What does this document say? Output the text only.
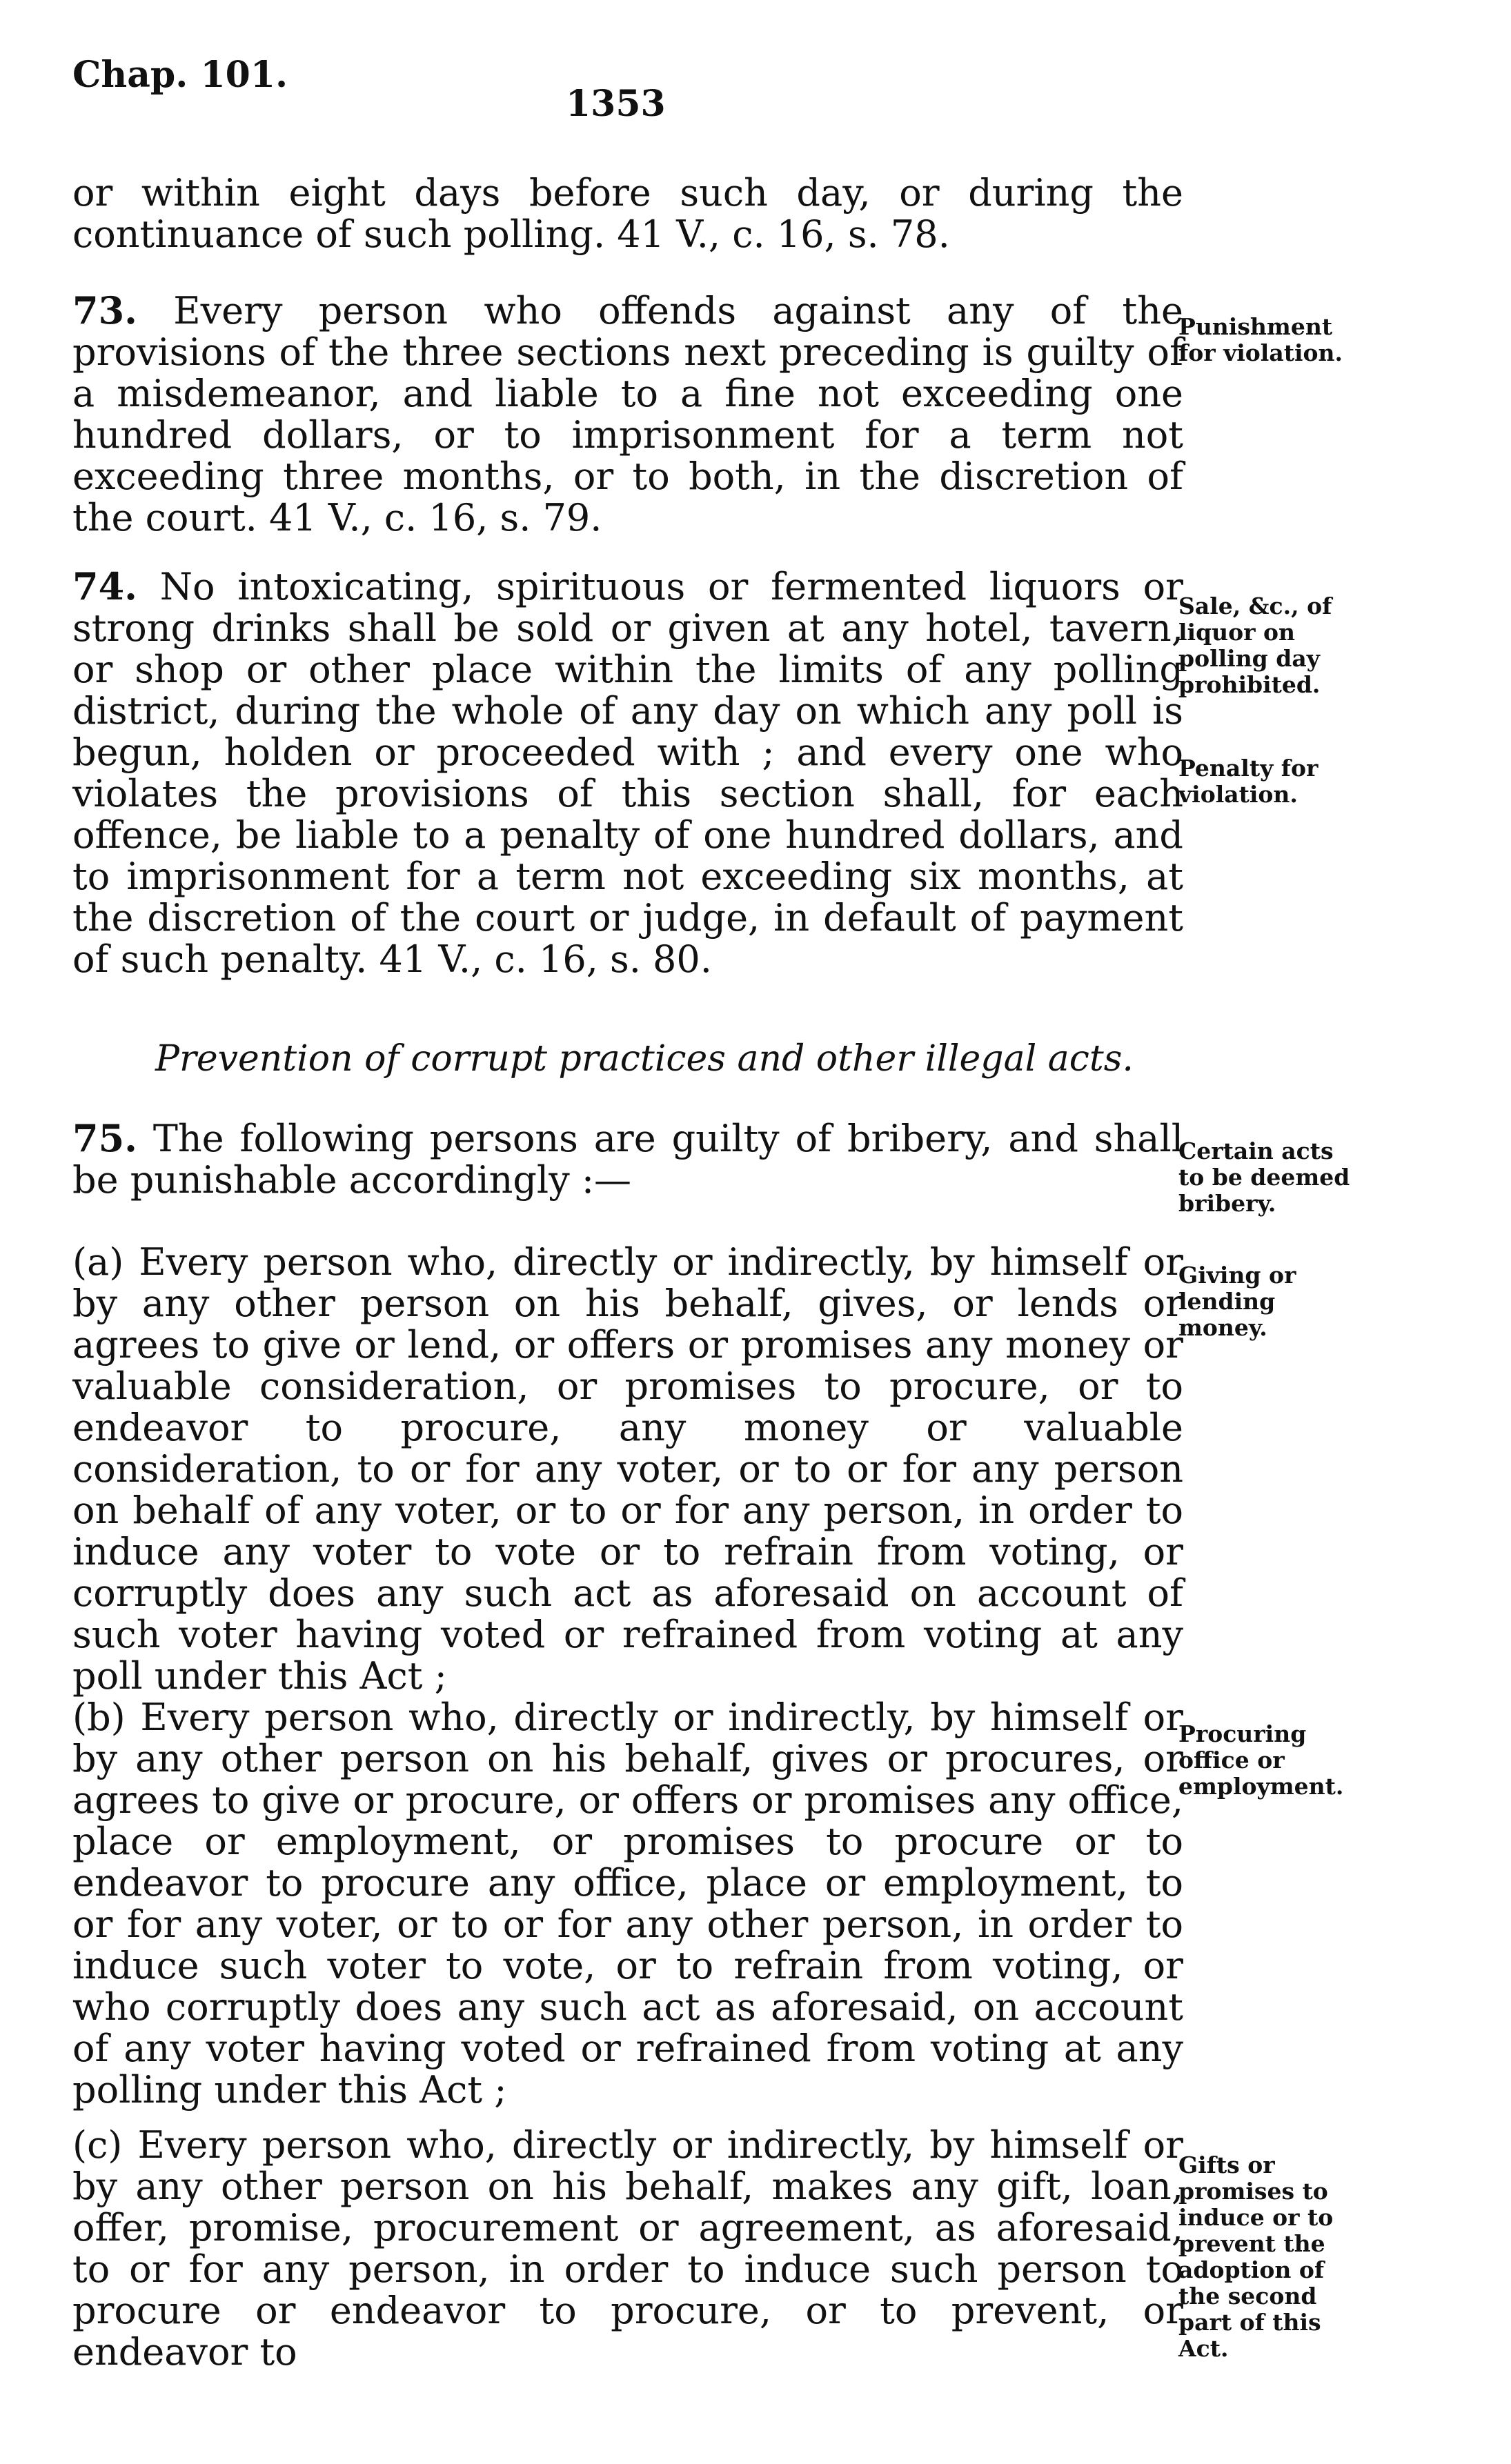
Chap. 101.
1353

or within eight days before such day, or during the continuance of such polling. 41 V., c. 16, s. 78.

73. Every person who offends against any of the provisions of the three sections next preceding is guilty of a misdemeanor, and liable to a fine not exceeding one hundred dollars, or to imprisonment for a term not exceeding three months, or to both, in the discretion of the court. 41 V., c. 16, s. 79.

Punishment for violation.

74. No intoxicating, spirituous or fermented liquors or strong drinks shall be sold or given at any hotel, tavern, or shop or other place within the limits of any polling district, during the whole of any day on which any poll is begun, holden or proceeded with ; and every one who violates the provisions of this section shall, for each offence, be liable to a penalty of one hundred dollars, and to imprisonment for a term not exceeding six months, at the discretion of the court or judge, in default of payment of such penalty. 41 V., c. 16, s. 80.

Sale, &c., of liquor on polling day prohibited.
Penalty for violation.
Prevention of corrupt practices and other illegal acts.

75. The following persons are guilty of bribery, and shall be punishable accordingly :—

Certain acts to be deemed bribery.

(a) Every person who, directly or indirectly, by himself or by any other person on his behalf, gives, or lends or agrees to give or lend, or offers or promises any money or valuable consideration, or promises to procure, or to endeavor to procure, any money or valuable consideration, to or for any voter, or to or for any person on behalf of any voter, or to or for any person, in order to induce any voter to vote or to refrain from voting, or corruptly does any such act as aforesaid on account of such voter having voted or refrained from voting at any poll under this Act ;

Giving or lending money.

(b) Every person who, directly or indirectly, by himself or by any other person on his behalf, gives or procures, or agrees to give or procure, or offers or promises any office, place or employment, or promises to procure or to endeavor to procure any office, place or employment, to or for any voter, or to or for any other person, in order to induce such voter to vote, or to refrain from voting, or who corruptly does any such act as aforesaid, on account of any voter having voted or refrained from voting at any polling under this Act ;

Procuring office or employment.

(c) Every person who, directly or indirectly, by himself or by any other person on his behalf, makes any gift, loan, offer, promise, procurement or agreement, as aforesaid, to or for any person, in order to induce such person to procure or endeavor to procure, or to prevent, or endeavor to

Gifts or promises to induce or to prevent the adoption of the second part of this Act.
